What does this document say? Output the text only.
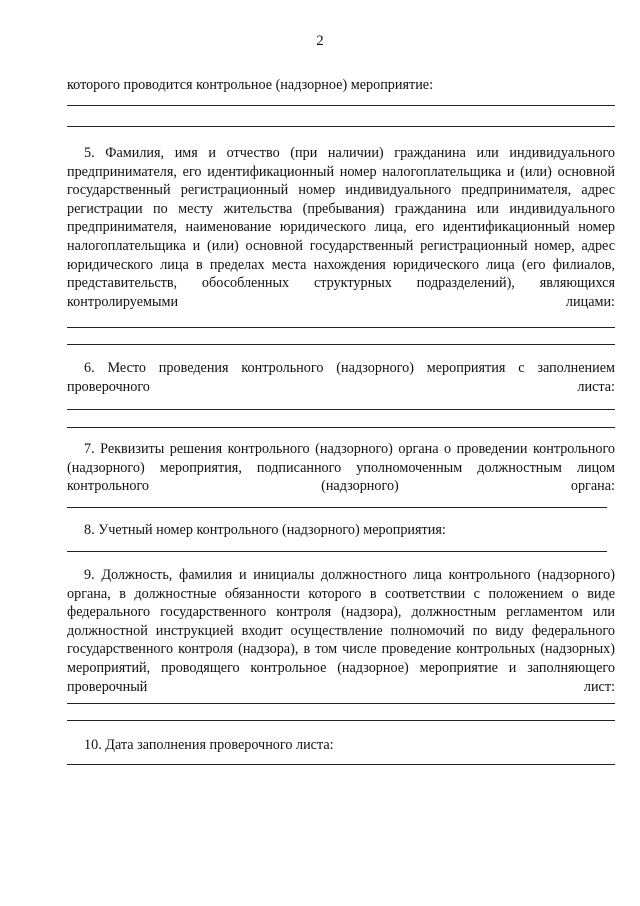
2

которого проводится контрольное (надзорное) мероприятие:

5. Фамилия, имя и отчество (при наличии) гражданина или индивидуального предпринимателя, его идентификационный номер налогоплательщика и (или) основной государственный регистрационный номер индивидуального предпринимателя, адрес регистрации по месту жительства (пребывания) гражданина или индивидуального предпринимателя, наименование юридического лица, его идентификационный номер налогоплательщика и (или) основной государственный регистрационный номер, адрес юридического лица в пределах места нахождения юридического лица (его филиалов, представительств, обособленных структурных подразделений), являющихся контролируемыми лицами:

6. Место проведения контрольного (надзорного) мероприятия с заполнением проверочного листа:

7. Реквизиты решения контрольного (надзорного) органа о проведении контрольного (надзорного) мероприятия, подписанного уполномоченным должностным лицом контрольного (надзорного) органа:

8. Учетный номер контрольного (надзорного) мероприятия:

9. Должность, фамилия и инициалы должностного лица контрольного (надзорного) органа, в должностные обязанности которого в соответствии с положением о виде федерального государственного контроля (надзора), должностным регламентом или должностной инструкцией входит осуществление полномочий по виду федерального государственного контроля (надзора), в том числе проведение контрольных (надзорных) мероприятий, проводящего контрольное (надзорное) мероприятие и заполняющего проверочный лист:

10. Дата заполнения проверочного листа:
